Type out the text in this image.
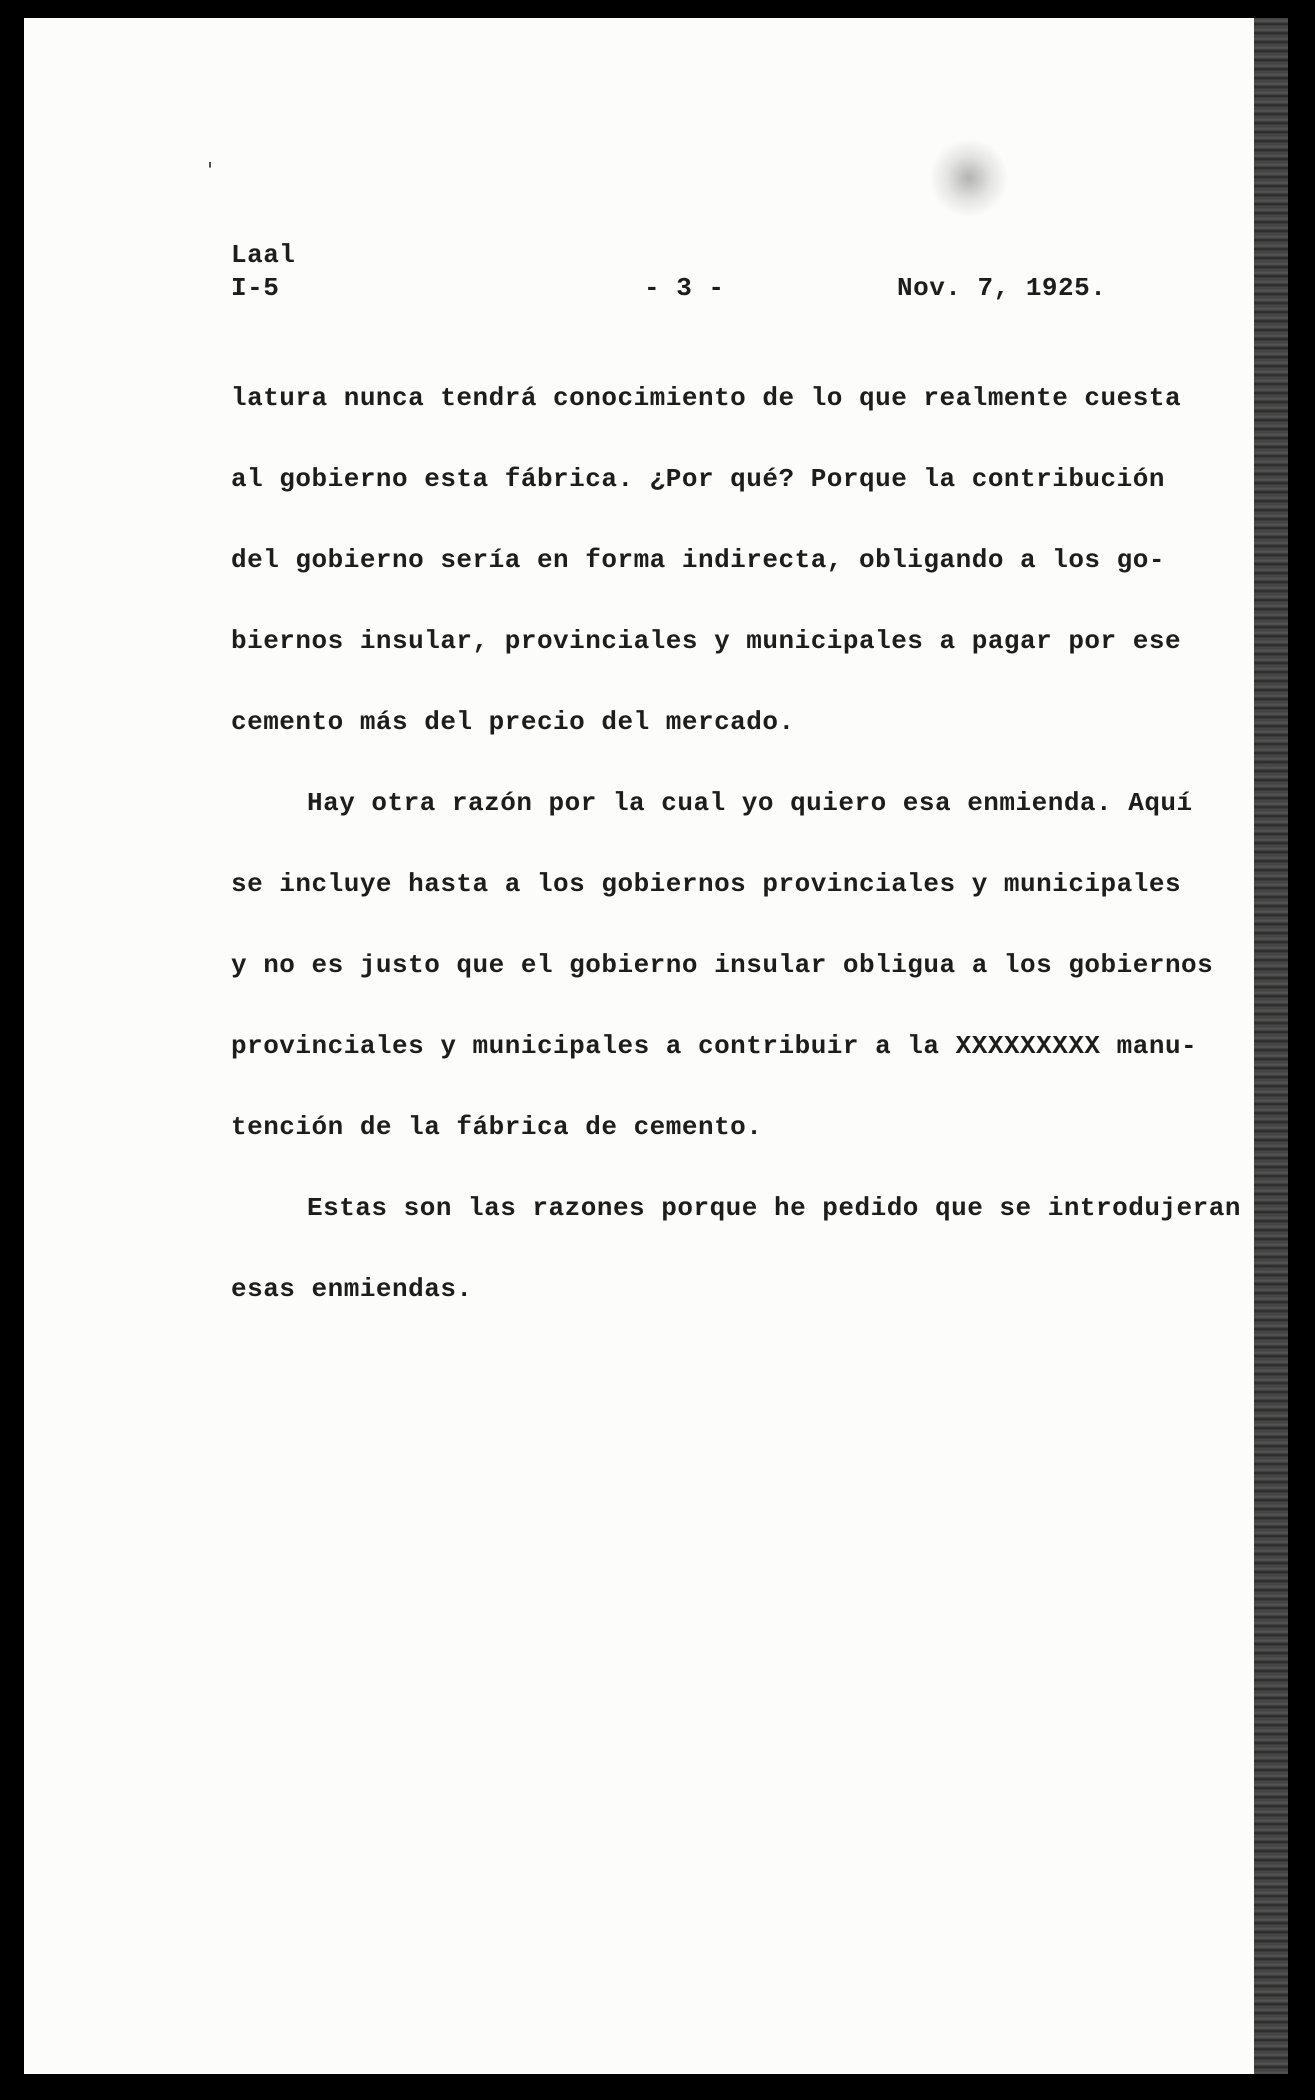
'
Laal
I-5	- 3 -	Nov. 7, 1925.
latura nunca tendrá conocimiento de lo que realmente cuesta
al gobierno esta fábrica. ¿Por qué? Porque la contribución
del gobierno sería en forma indirecta, obligando a los go-
biernos insular, provinciales y municipales a pagar por ese
cemento más del precio del mercado.
Hay otra razón por la cual yo quiero esa enmienda. Aquí
se incluye hasta a los gobiernos provinciales y municipales
y no es justo que el gobierno insular obligua a los gobiernos
provinciales y municipales a contribuir a la XXXXXXXXX manu-
tención de la fábrica de cemento.
Estas son las razones porque he pedido que se introdujeran
esas enmiendas.
